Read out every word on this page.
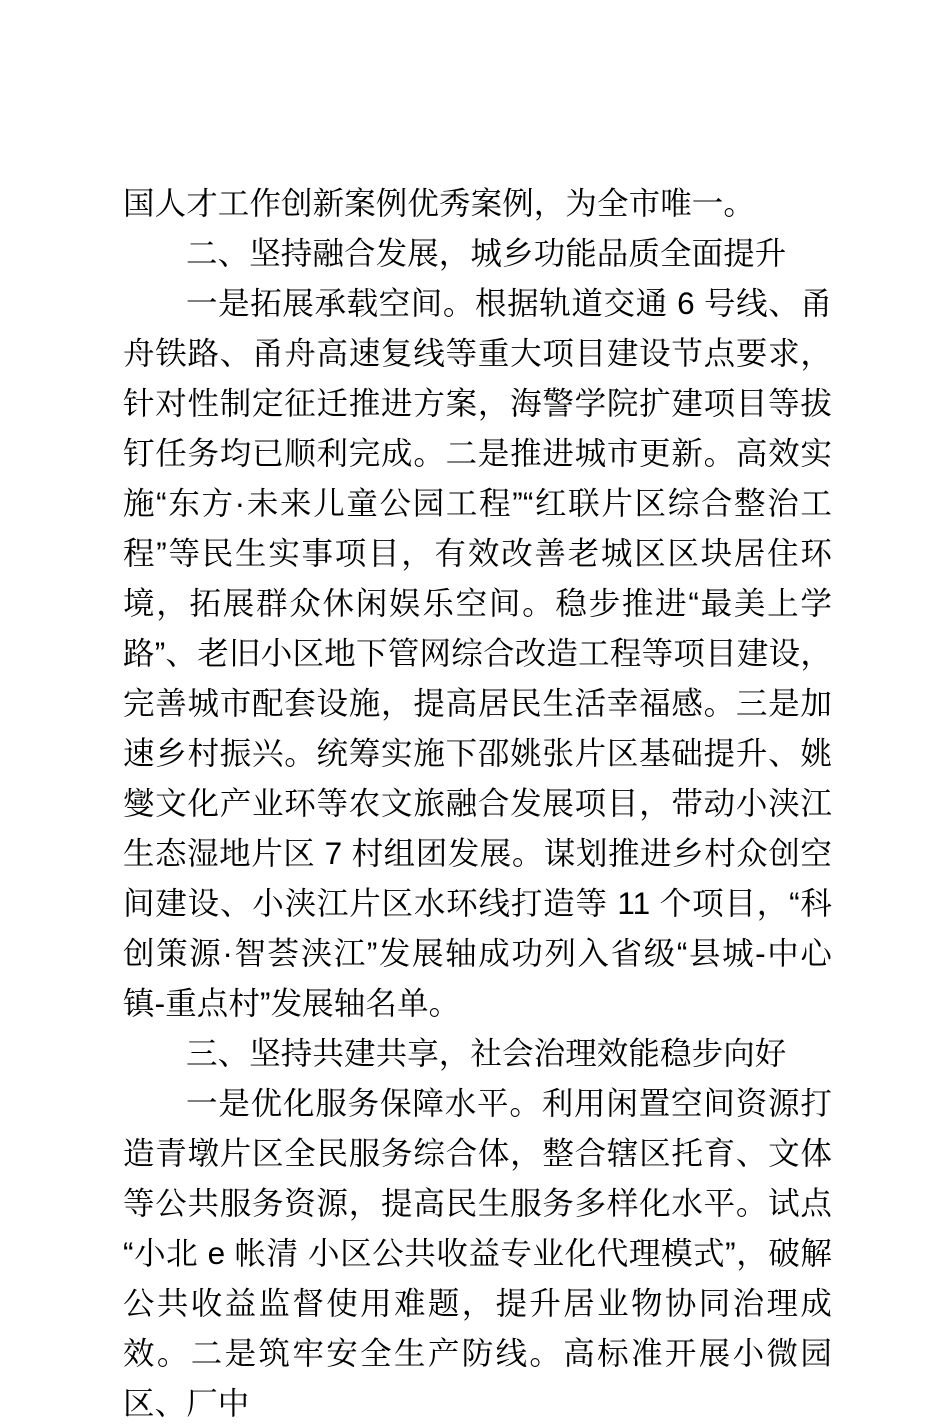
国人才工作创新案例优秀案例，为全市唯一。

二、坚持融合发展，城乡功能品质全面提升

一是拓展承载空间。根据轨道交通 6 号线、甬舟铁路、甬舟高速复线等重大项目建设节点要求，针对性制定征迁推进方案，海警学院扩建项目等拔钉任务均已顺利完成。二是推进城市更新。高效实施“东方·未来儿童公园工程”“红联片区综合整治工程”等民生实事项目，有效改善老城区区块居住环境，拓展群众休闲娱乐空间。稳步推进“最美上学路”、老旧小区地下管网综合改造工程等项目建设，完善城市配套设施，提高居民生活幸福感。三是加速乡村振兴。统筹实施下邵姚张片区基础提升、姚燮文化产业环等农文旅融合发展项目，带动小浃江生态湿地片区 7 村组团发展。谋划推进乡村众创空间建设、小浃江片区水环线打造等 11 个项目，“科创策源·智荟浃江”发展轴成功列入省级“县城-中心镇-重点村”发展轴名单。

三、坚持共建共享，社会治理效能稳步向好

一是优化服务保障水平。利用闲置空间资源打造青墩片区全民服务综合体，整合辖区托育、文体等公共服务资源，提高民生服务多样化水平。试点“小北 e 帐清 小区公共收益专业化代理模式”，破解公共收益监督使用难题，提升居业物协同治理成效。二是筑牢安全生产防线。高标准开展小微园区、厂中
